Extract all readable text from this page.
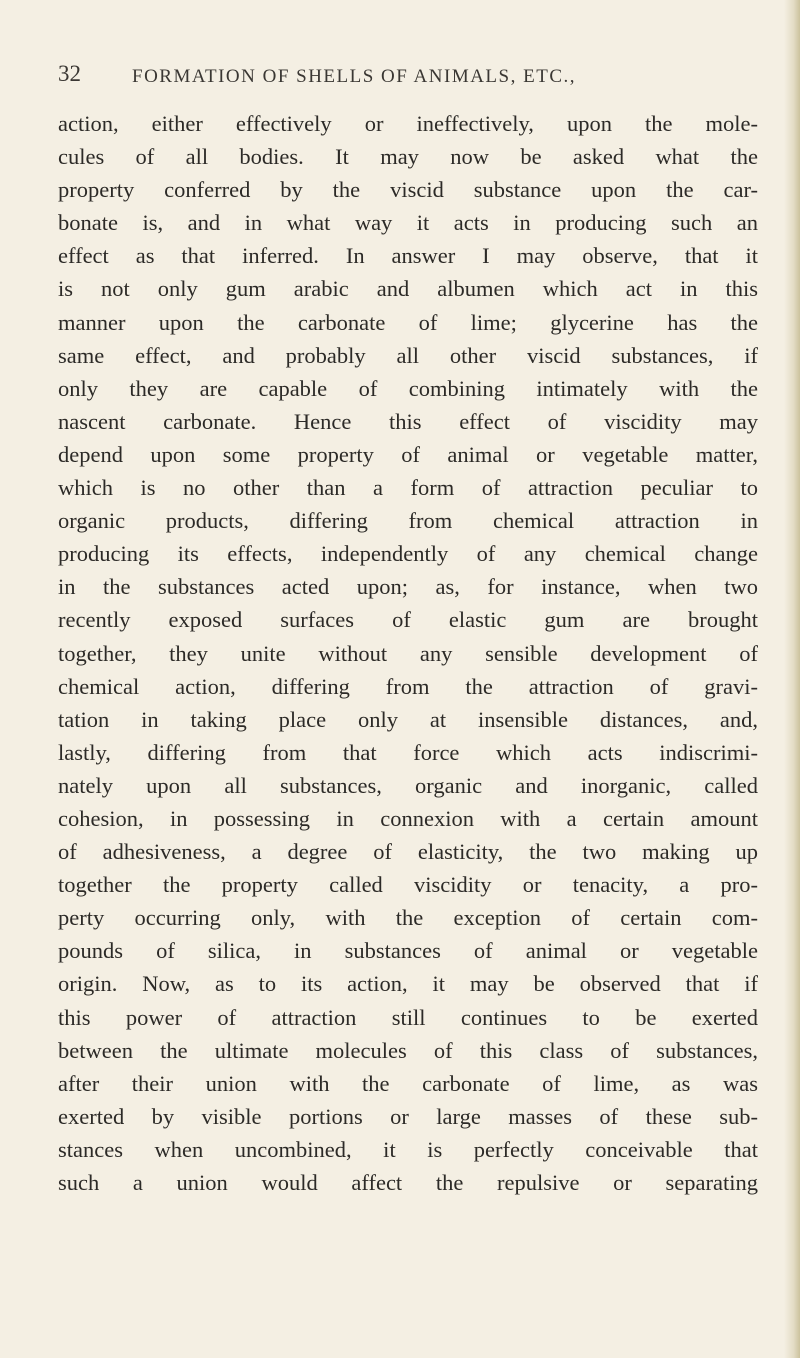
32	FORMATION OF SHELLS OF ANIMALS, ETC.,
action, either effectively or ineffectively, upon the mole-
cules of all bodies. It may now be asked what the
property conferred by the viscid substance upon the car-
bonate is, and in what way it acts in producing such an
effect as that inferred. In answer I may observe, that it
is not only gum arabic and albumen which act in this
manner upon the carbonate of lime; glycerine has the
same effect, and probably all other viscid substances, if
only they are capable of combining intimately with the
nascent carbonate. Hence this effect of viscidity may
depend upon some property of animal or vegetable matter,
which is no other than a form of attraction peculiar to
organic products, differing from chemical attraction in
producing its effects, independently of any chemical change
in the substances acted upon; as, for instance, when two
recently exposed surfaces of elastic gum are brought
together, they unite without any sensible development of
chemical action, differing from the attraction of gravi-
tation in taking place only at insensible distances, and,
lastly, differing from that force which acts indiscrimi-
nately upon all substances, organic and inorganic, called
cohesion, in possessing in connexion with a certain amount
of adhesiveness, a degree of elasticity, the two making up
together the property called viscidity or tenacity, a pro-
perty occurring only, with the exception of certain com-
pounds of silica, in substances of animal or vegetable
origin. Now, as to its action, it may be observed that if
this power of attraction still continues to be exerted
between the ultimate molecules of this class of substances,
after their union with the carbonate of lime, as was
exerted by visible portions or large masses of these sub-
stances when uncombined, it is perfectly conceivable that
such a union would affect the repulsive or separating
